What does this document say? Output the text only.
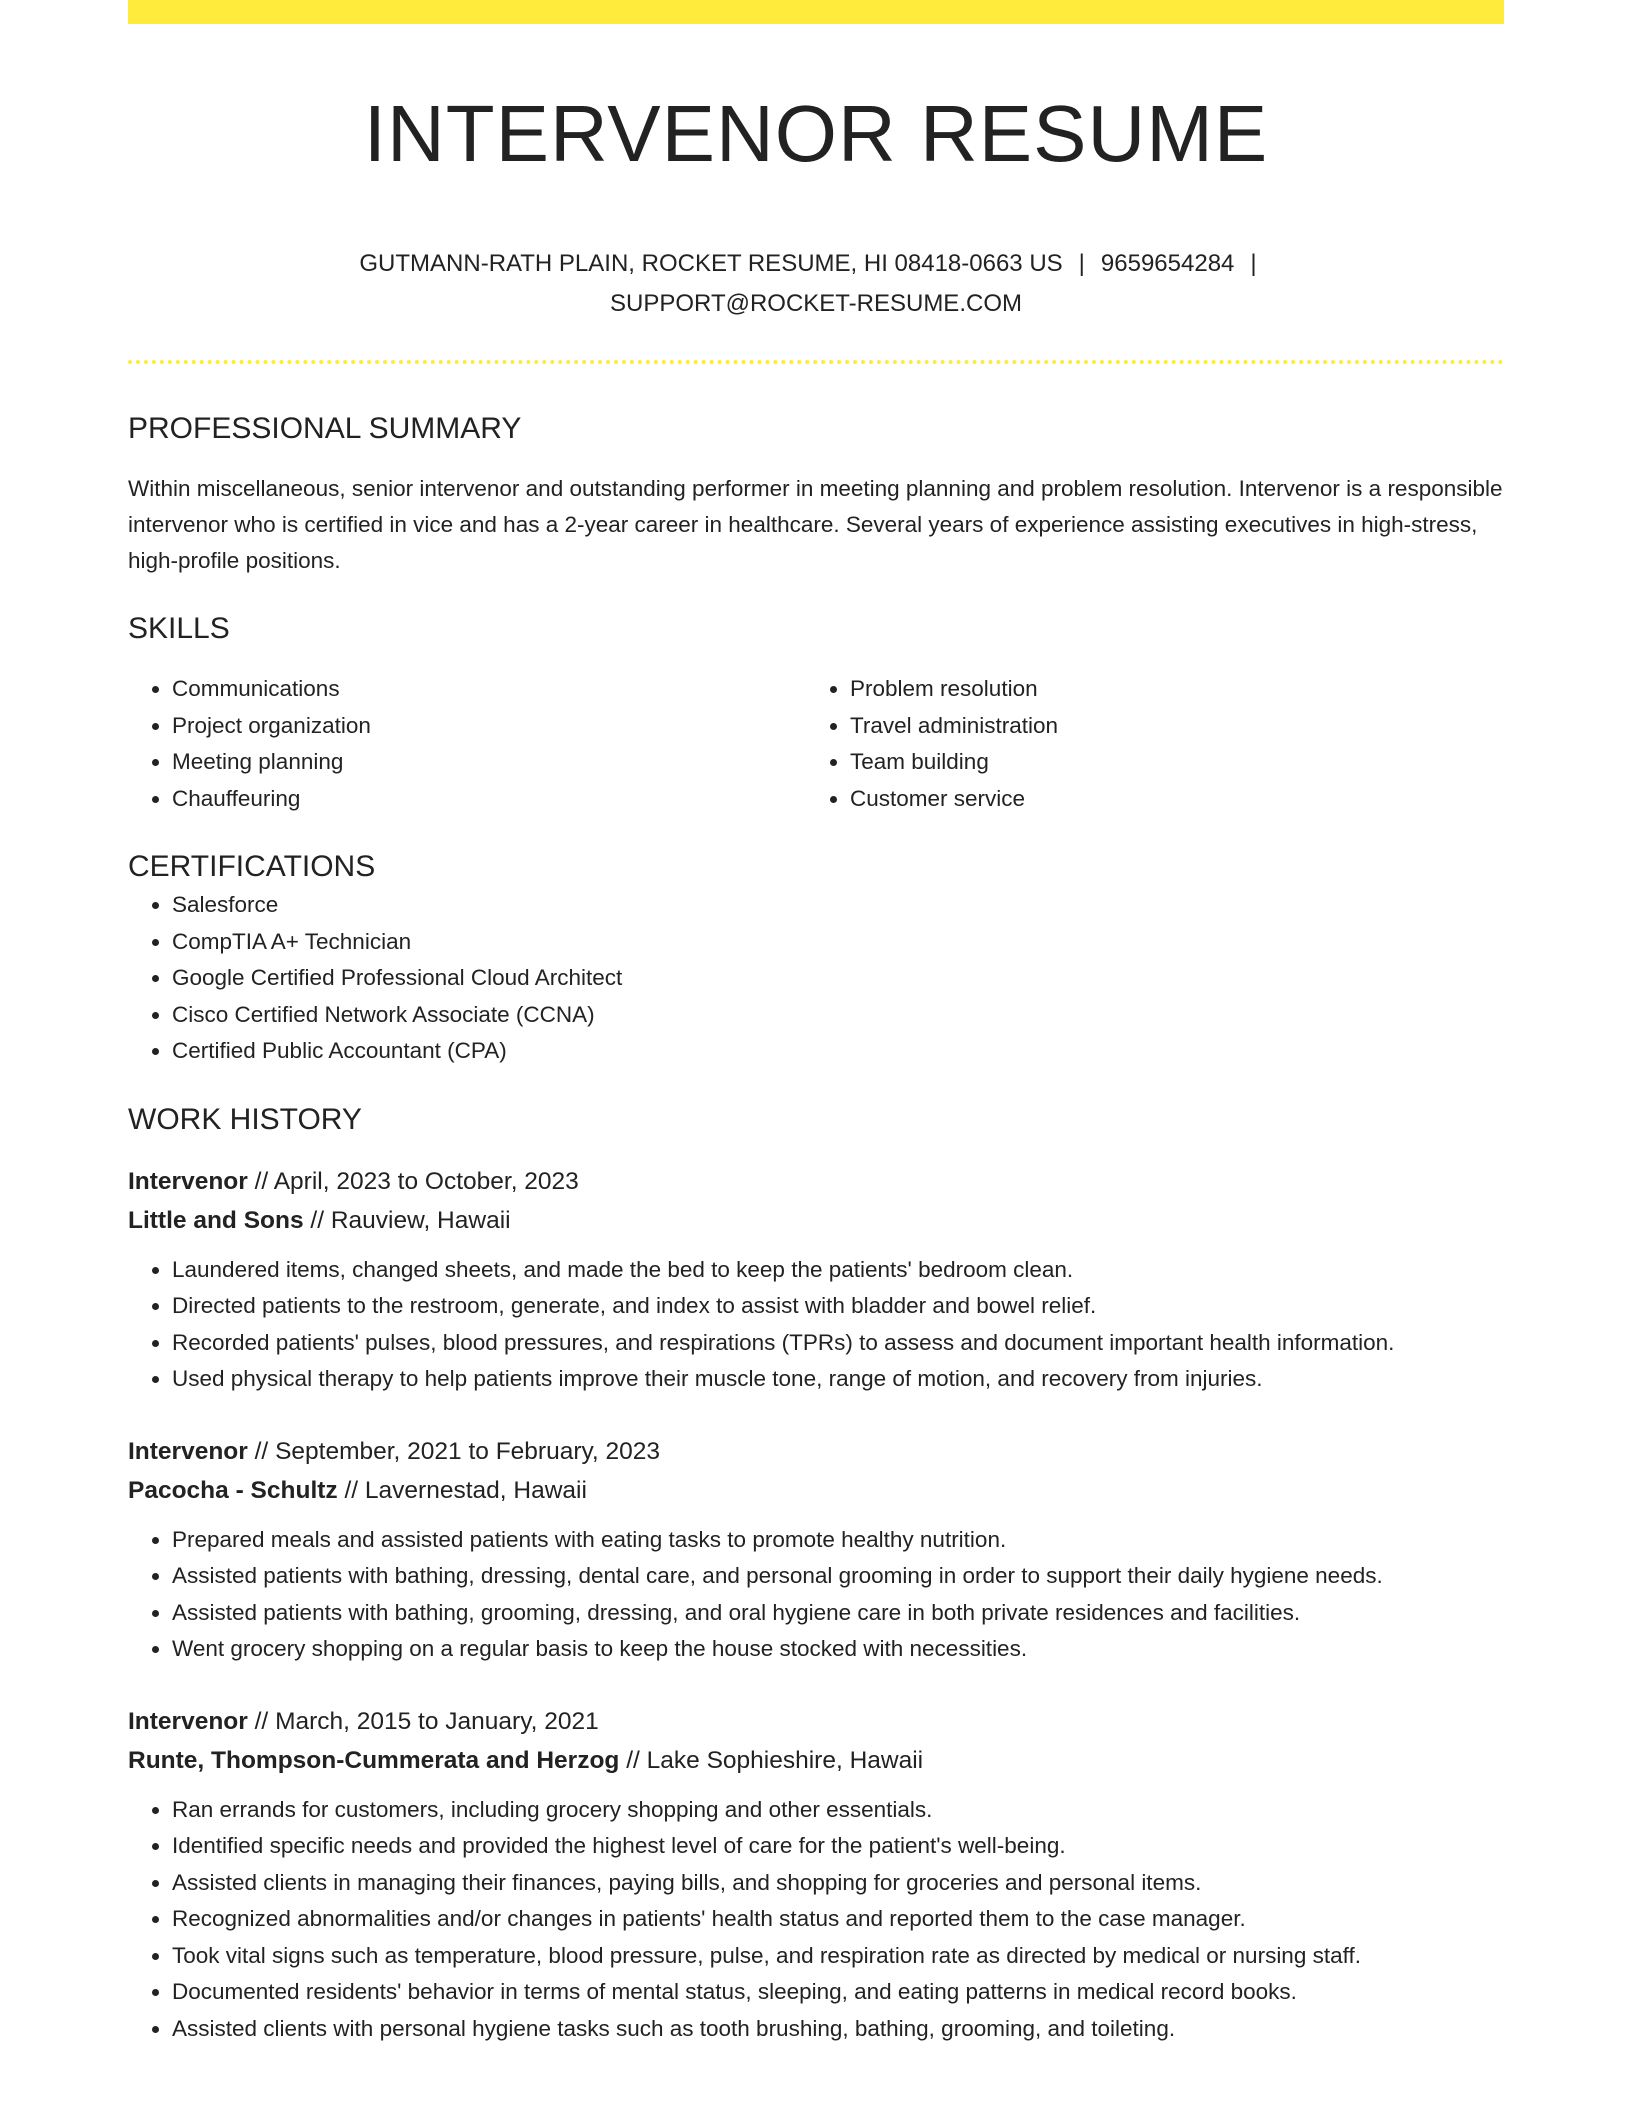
INTERVENOR RESUME
GUTMANN-RATH PLAIN, ROCKET RESUME, HI 08418-0663 US | 9659654284 |
SUPPORT@ROCKET-RESUME.COM
PROFESSIONAL SUMMARY

Within miscellaneous, senior intervenor and outstanding performer in meeting planning and problem resolution. Intervenor is a responsible intervenor who is certified in vice and has a 2-year career in healthcare. Several years of experience assisting executives in high-stress, high-profile positions.

SKILLS
• Communications
• Project organization
• Meeting planning
• Chauffeuring
• Problem resolution
• Travel administration
• Team building
• Customer service
CERTIFICATIONS
• Salesforce
• CompTIA A+ Technician
• Google Certified Professional Cloud Architect
• Cisco Certified Network Associate (CCNA)
• Certified Public Accountant (CPA)
WORK HISTORY
Intervenor // April, 2023 to October, 2023
Little and Sons // Rauview, Hawaii
• Laundered items, changed sheets, and made the bed to keep the patients' bedroom clean.
• Directed patients to the restroom, generate, and index to assist with bladder and bowel relief.
• Recorded patients' pulses, blood pressures, and respirations (TPRs) to assess and document important health information.
• Used physical therapy to help patients improve their muscle tone, range of motion, and recovery from injuries.
Intervenor // September, 2021 to February, 2023
Pacocha - Schultz // Lavernestad, Hawaii
• Prepared meals and assisted patients with eating tasks to promote healthy nutrition.
• Assisted patients with bathing, dressing, dental care, and personal grooming in order to support their daily hygiene needs.
• Assisted patients with bathing, grooming, dressing, and oral hygiene care in both private residences and facilities.
• Went grocery shopping on a regular basis to keep the house stocked with necessities.
Intervenor // March, 2015 to January, 2021
Runte, Thompson-Cummerata and Herzog // Lake Sophieshire, Hawaii
• Ran errands for customers, including grocery shopping and other essentials.
• Identified specific needs and provided the highest level of care for the patient's well-being.
• Assisted clients in managing their finances, paying bills, and shopping for groceries and personal items.
• Recognized abnormalities and/or changes in patients' health status and reported them to the case manager.
• Took vital signs such as temperature, blood pressure, pulse, and respiration rate as directed by medical or nursing staff.
• Documented residents' behavior in terms of mental status, sleeping, and eating patterns in medical record books.
• Assisted clients with personal hygiene tasks such as tooth brushing, bathing, grooming, and toileting.
